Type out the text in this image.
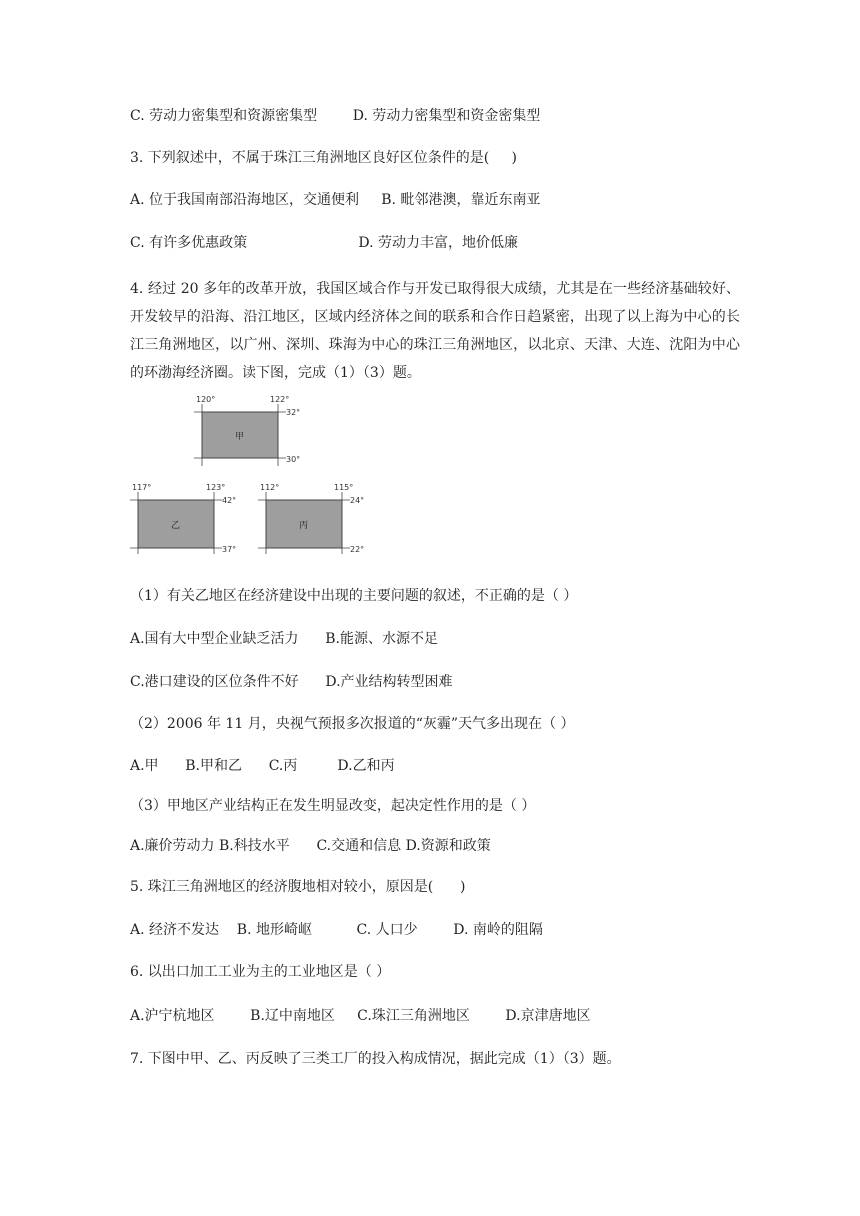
C. 劳动力密集型和资源密集型        D. 劳动力密集型和资金密集型

3. 下列叙述中，不属于珠江三角洲地区良好区位条件的是(     )

A. 位于我国南部沿海地区，交通便利     B. 毗邻港澳，靠近东南亚

C. 有许多优惠政策                         D. 劳动力丰富，地价低廉

4. 经过 20 多年的改革开放，我国区域合作与开发已取得很大成绩，尤其是在一些经济基础较好、开发较早的沿海、沿江地区，区域内经济体之间的联系和合作日趋紧密，出现了以上海为中心的长江三角洲地区，以广州、深圳、珠海为中心的珠江三角洲地区，以北京、天津、大连、沈阳为中心的环渤海经济圈。读下图，完成（1）（3）题。

120°	122°
32°
30°
甲
117°	123°
42°
37°
乙
112°	115°
24°
22°
丙

（1）有关乙地区在经济建设中出现的主要问题的叙述，不正确的是（ ）

A.国有大中型企业缺乏活力      B.能源、水源不足

C.港口建设的区位条件不好      D.产业结构转型困难

（2）2006 年 11 月，央视气预报多次报道的“灰霾”天气多出现在（ ）

A.甲      B.甲和乙      C.丙         D.乙和丙

（3）甲地区产业结构正在发生明显改变，起决定性作用的是（ ）

A.廉价劳动力 B.科技水平      C.交通和信息 D.资源和政策

5. 珠江三角洲地区的经济腹地相对较小，原因是(      )

A. 经济不发达    B. 地形崎岖          C. 人口少        D. 南岭的阻隔

6. 以出口加工工业为主的工业地区是（ ）

A.沪宁杭地区        B.辽中南地区     C.珠江三角洲地区        D.京津唐地区

7. 下图中甲、乙、丙反映了三类工厂的投入构成情况，据此完成（1）（3）题。
